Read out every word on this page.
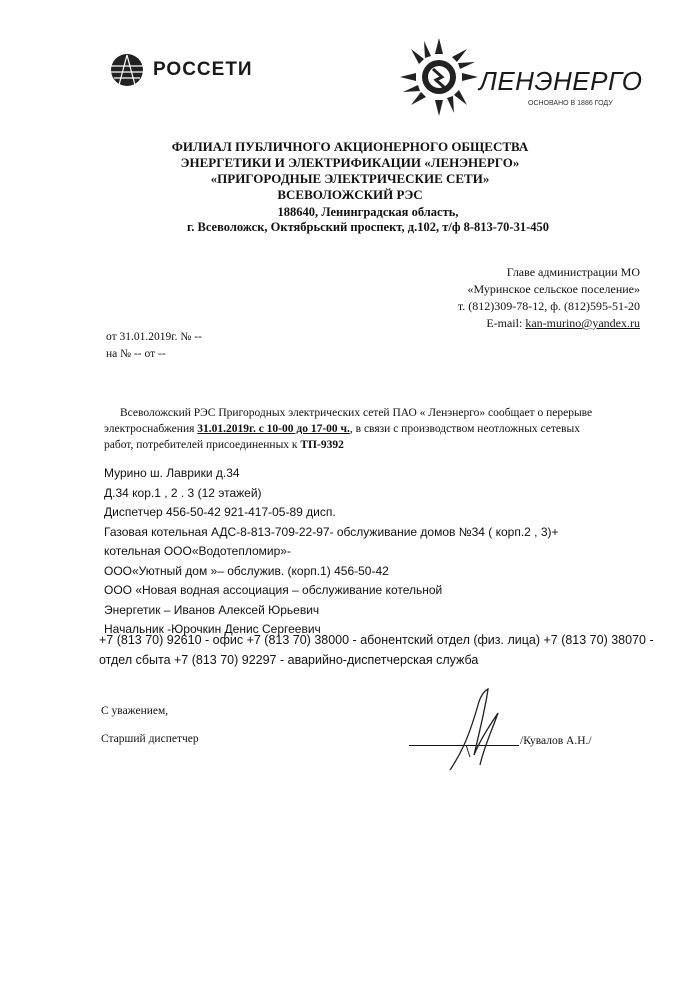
РОССЕТИ	ЛЕНЭНЕРГО
ОСНОВАНО В 1886 ГОДУ
ФИЛИАЛ ПУБЛИЧНОГО АКЦИОНЕРНОГО ОБЩЕСТВА
ЭНЕРГЕТИКИ И ЭЛЕКТРИФИКАЦИИ «ЛЕНЭНЕРГО»
«ПРИГОРОДНЫЕ ЭЛЕКТРИЧЕСКИЕ СЕТИ»
ВСЕВОЛОЖСКИЙ РЭС
188640, Ленинградская область,
г. Всеволожск, Октябрьский проспект, д.102, т/ф 8-813-70-31-450
Главе администрации МО
«Муринское сельское поселение»
т. (812)309-78-12, ф. (812)595-51-20
E-mail: kan-murino@yandex.ru
от 31.01.2019г. № --
на № -- от --
Всеволожский РЭС Пригородных электрических сетей ПАО « Ленэнерго» сообщает о перерыве электроснабжения 31.01.2019г. с 10-00 до 17-00 ч., в связи с производством неотложных сетевых работ, потребителей присоединенных к ТП-9392
Мурино ш. Лаврики д.34
Д.34 кор.1 , 2 . 3 (12 этажей)
Диспетчер 456-50-42 921-417-05-89 дисп.
Газовая котельная АДС-8-813-709-22-97- обслуживание домов №34 ( корп.2 , 3)+
котельная ООО«Водотепломир»-
ООО«Уютный дом »– обслужив. (корп.1) 456-50-42
ООО «Новая водная ассоциация – обслуживание котельной
Энергетик – Иванов Алексей Юрьевич
Начальник -Юрочкин Денис Сергеевич
+7 (813 70) 92610 - офис +7 (813 70) 38000 - абонентский отдел (физ. лица) +7 (813 70) 38070 - отдел сбыта +7 (813 70) 92297 - аварийно-диспетчерская служба
С уважением,
Старший диспетчер	/Кувалов А.Н./
